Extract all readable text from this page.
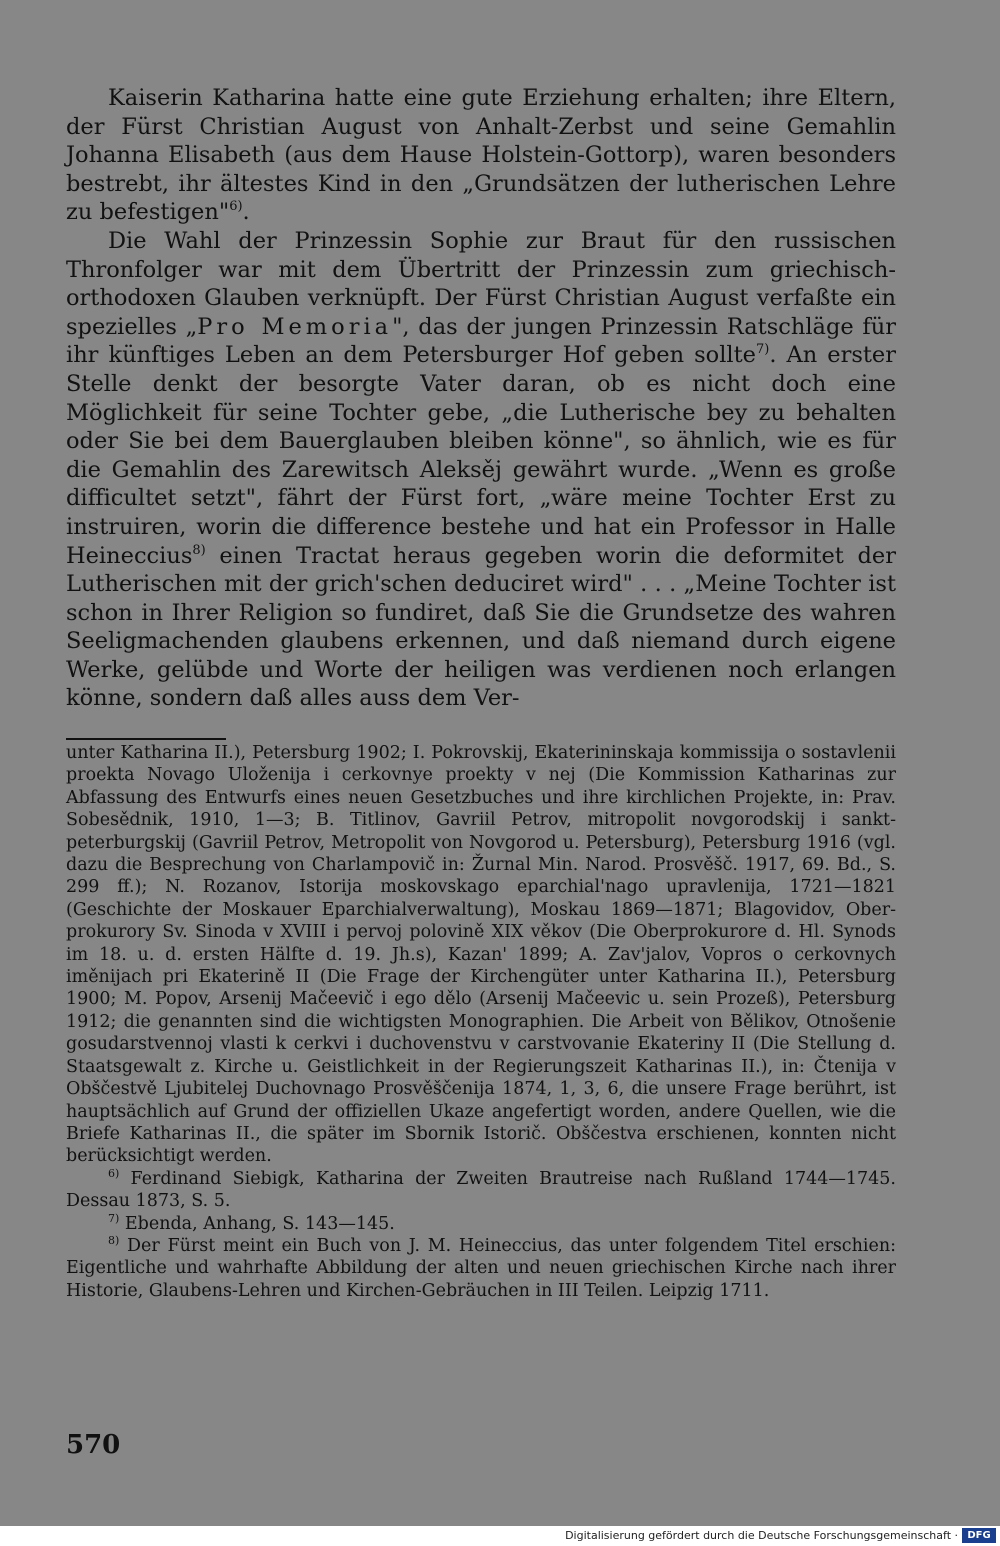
Kaiserin Katharina hatte eine gute Erziehung erhalten; ihre Eltern, der Fürst Christian August von Anhalt-Zerbst und seine Gemahlin Johanna Elisabeth (aus dem Hause Holstein-Gottorp), waren besonders bestrebt, ihr ältestes Kind in den „Grundsätzen der lutherischen Lehre zu befestigen"$^{6)}$.

Die Wahl der Prinzessin Sophie zur Braut für den russischen Thronfolger war mit dem Übertritt der Prinzessin zum griechisch-orthodoxen Glauben verknüpft. Der Fürst Christian August verfaßte ein spezielles „Pro Memoria", das der jungen Prinzessin Ratschläge für ihr künftiges Leben an dem Petersburger Hof geben sollte$^{7)}$. An erster Stelle denkt der besorgte Vater daran, ob es nicht doch eine Möglichkeit für seine Tochter gebe, „die Lutherische bey zu behalten oder Sie bei dem Bauerglauben bleiben könne", so ähnlich, wie es für die Gemahlin des Zarewitsch Aleksěj gewährt wurde. „Wenn es große difficultet setzt", fährt der Fürst fort, „wäre meine Tochter Erst zu instruiren, worin die difference bestehe und hat ein Professor in Halle Heineccius$^{8)}$ einen Tractat heraus gegeben worin die deformitet der Lutherischen mit der grich'schen deduciret wird" . . . „Meine Tochter ist schon in Ihrer Religion so fundiret, daß Sie die Grundsetze des wahren Seeligmachenden glaubens erkennen, und daß niemand durch eigene Werke, gelübde und Worte der heiligen was verdienen noch erlangen könne, sondern daß alles auss dem Ver-

unter Katharina II.), Petersburg 1902; I. Pokrovskij, Ekaterininskaja kommissija o sostavlenii proekta Novago Uloženija i cerkovnye proekty v nej (Die Kommission Katharinas zur Abfassung des Entwurfs eines neuen Gesetzbuches und ihre kirchlichen Projekte, in: Prav. Sobesědnik, 1910, 1—3; B. Titlinov, Gavriil Petrov, mitropolit novgorodskij i sankt-peterburgskij (Gavriil Petrov, Metropolit von Novgorod u. Petersburg), Petersburg 1916 (vgl. dazu die Besprechung von Charlampovič in: Žurnal Min. Narod. Prosvěšč. 1917, 69. Bd., S. 299 ff.); N. Rozanov, Istorija moskovskago eparchial'nago upravlenija, 1721—1821 (Geschichte der Moskauer Eparchialverwaltung), Moskau 1869—1871; Blagovidov, Ober-prokurory Sv. Sinoda v XVIII i pervoj polovině XIX věkov (Die Oberprokurore d. Hl. Synods im 18. u. d. ersten Hälfte d. 19. Jh.s), Kazan' 1899; A. Zav'jalov, Vopros o cerkovnych iměnijach pri Ekaterině II (Die Frage der Kirchengüter unter Katharina II.), Petersburg 1900; M. Popov, Arsenij Mačeevič i ego dělo (Arsenij Mačeevic u. sein Prozeß), Petersburg 1912; die genannten sind die wichtigsten Monographien. Die Arbeit von Bělikov, Otnošenie gosudarstvennoj vlasti k cerkvi i duchovenstvu v carstvovanie Ekateriny II (Die Stellung d. Staatsgewalt z. Kirche u. Geistlichkeit in der Regierungszeit Katharinas II.), in: Čtenija v Obščestvě Ljubitelej Duchovnago Prosvěščenija 1874, 1, 3, 6, die unsere Frage berührt, ist hauptsächlich auf Grund der offiziellen Ukaze angefertigt worden, andere Quellen, wie die Briefe Katharinas II., die später im Sbornik Istorič. Obščestva erschienen, konnten nicht berücksichtigt werden.

$^{6)}$ Ferdinand Siebigk, Katharina der Zweiten Brautreise nach Rußland 1744—1745. Dessau 1873, S. 5.

$^{7)}$ Ebenda, Anhang, S. 143—145.

$^{8)}$ Der Fürst meint ein Buch von J. M. Heineccius, das unter folgendem Titel erschien: Eigentliche und wahrhafte Abbildung der alten und neuen griechischen Kirche nach ihrer Historie, Glaubens-Lehren und Kirchen-Gebräuchen in III Teilen. Leipzig 1711.

570
Digitalisierung gefördert durch die Deutsche Forschungsgemeinschaft · DFG
